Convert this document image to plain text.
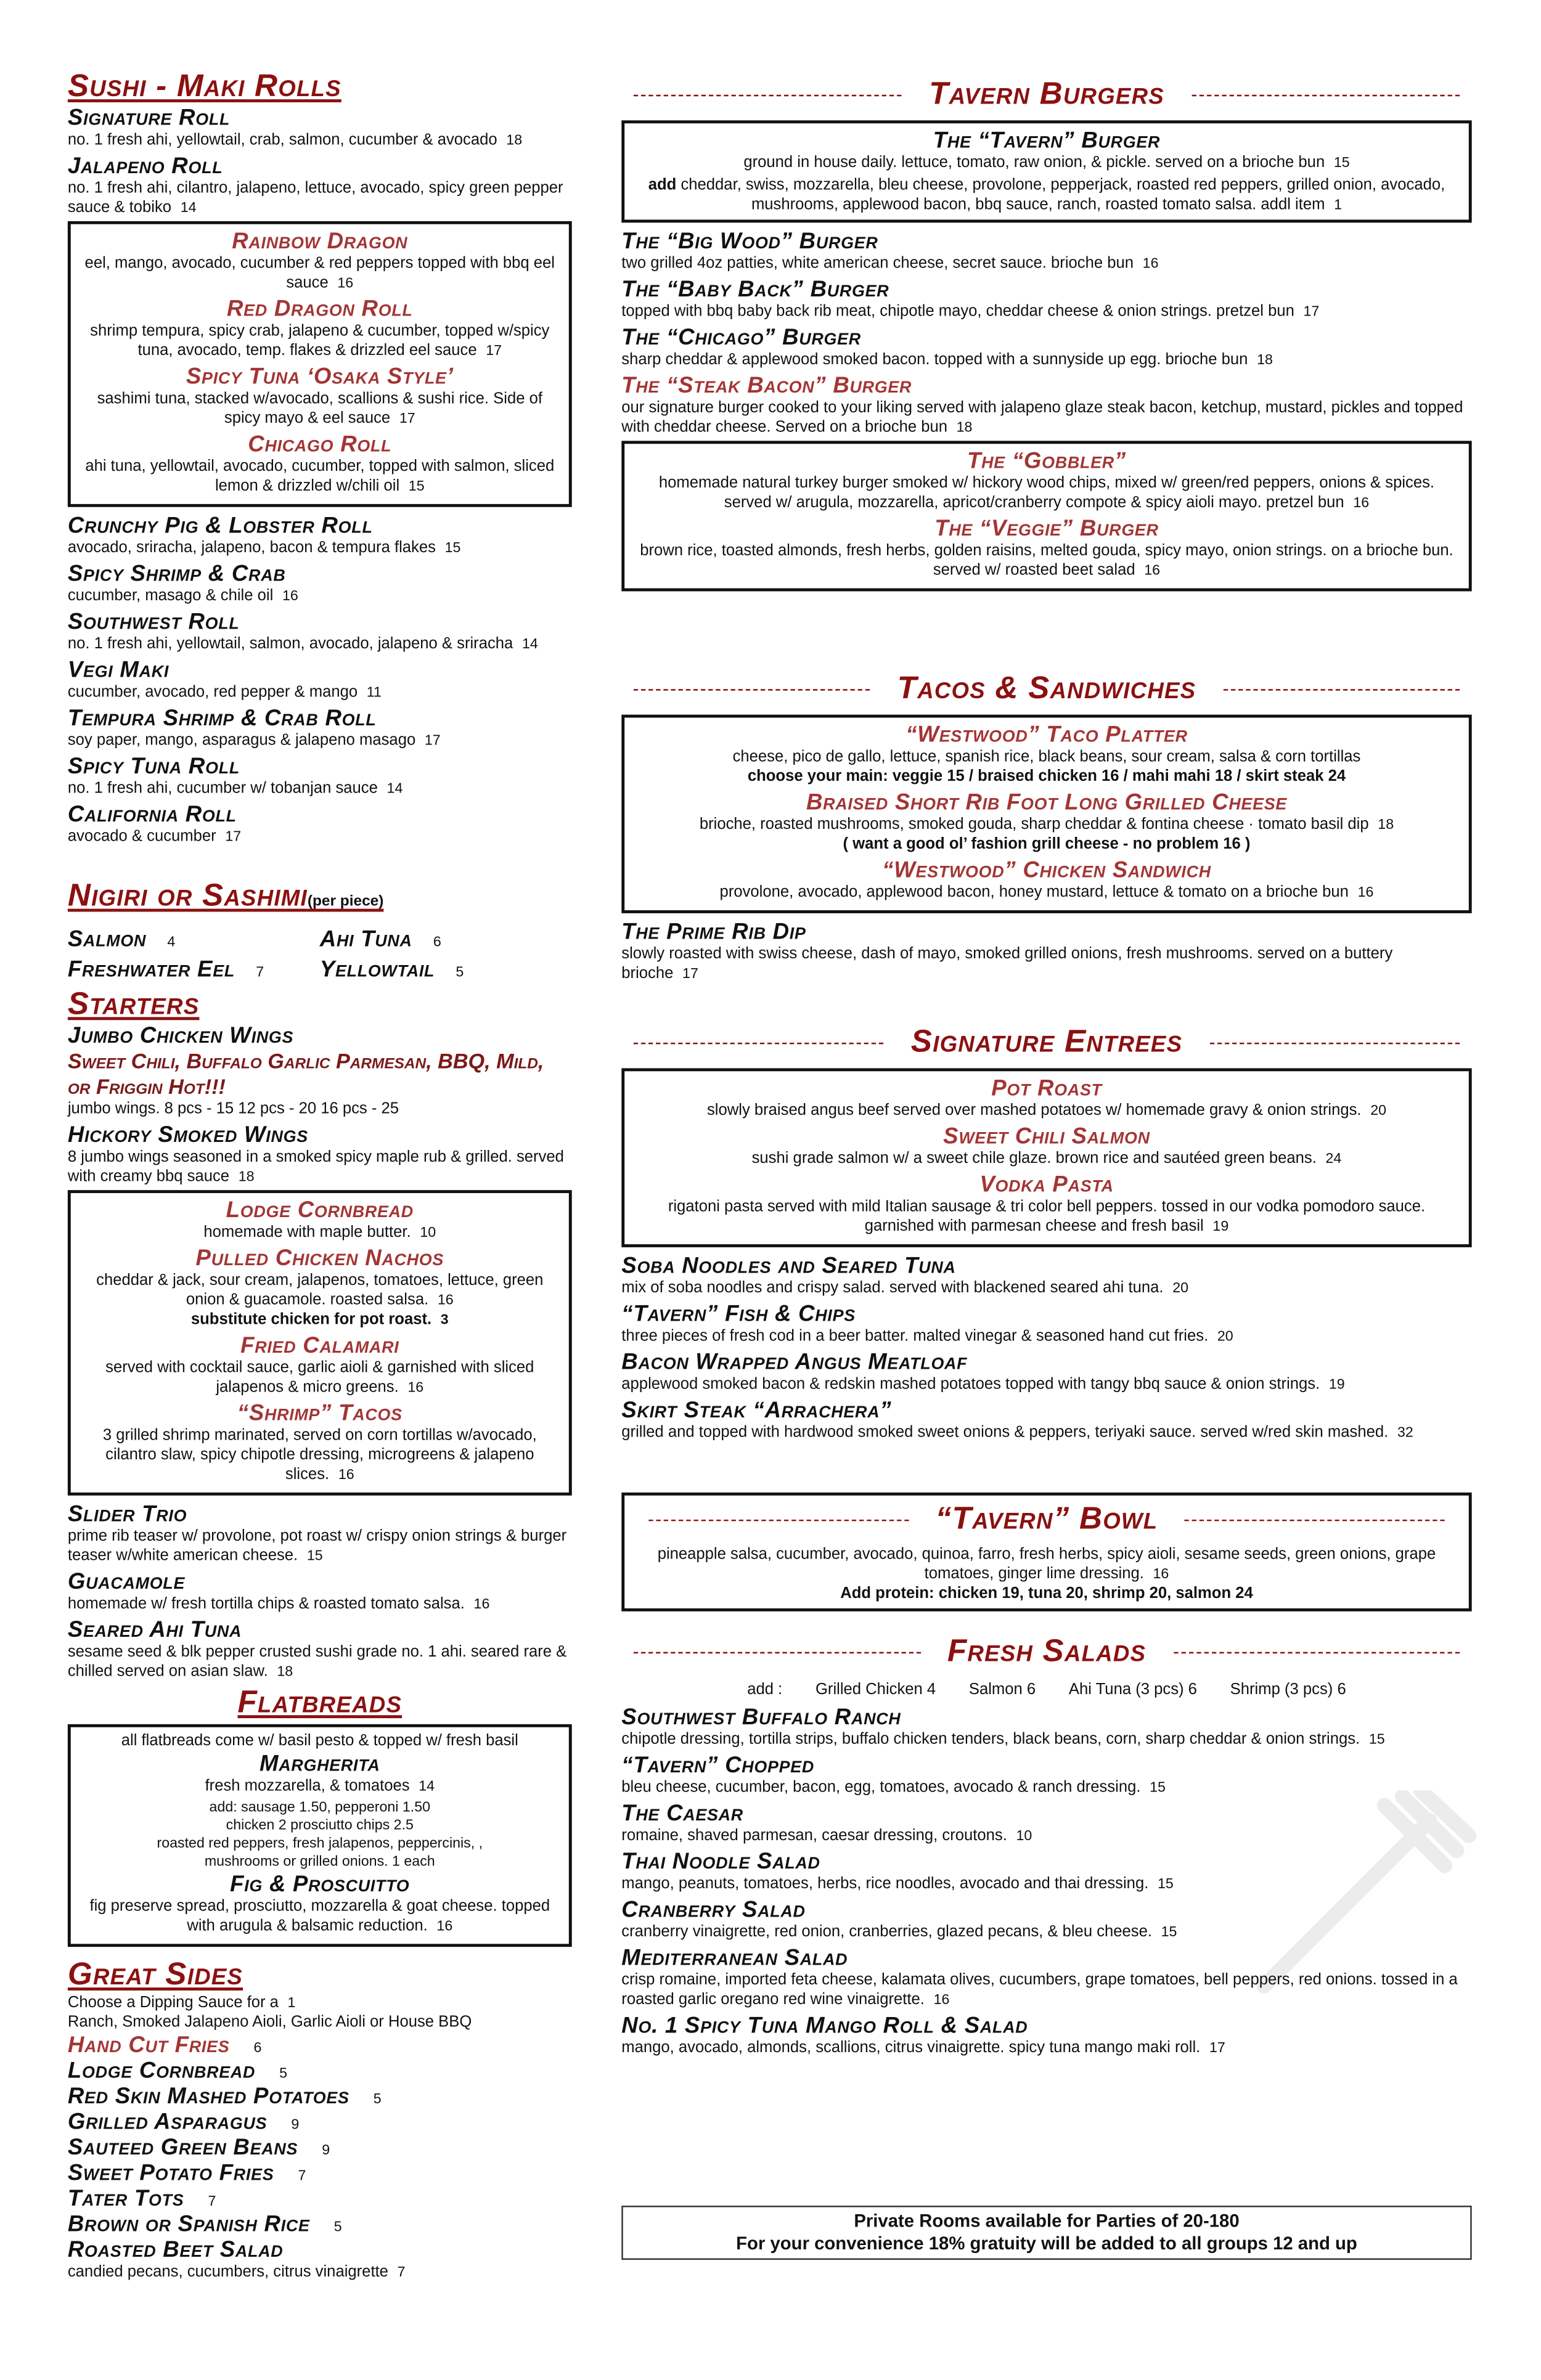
Sushi - Maki Rolls
Signature Roll
no. 1 fresh ahi, yellowtail, crab, salmon, cucumber & avocado 18
Jalapeno Roll
no. 1 fresh ahi, cilantro, jalapeno, lettuce, avocado, spicy green pepper sauce & tobiko 14
Rainbow Dragon
eel, mango, avocado, cucumber & red peppers topped with bbq eel sauce 16
Red Dragon Roll
shrimp tempura, spicy crab, jalapeno & cucumber, topped w/spicy tuna, avocado, temp. flakes & drizzled eel sauce 17
Spicy Tuna ‘Osaka Style’
sashimi tuna, stacked w/avocado, scallions & sushi rice. Side of spicy mayo & eel sauce 17
Chicago Roll
ahi tuna, yellowtail, avocado, cucumber, topped with salmon, sliced lemon & drizzled w/chili oil 15
Crunchy Pig & Lobster Roll
avocado, sriracha, jalapeno, bacon & tempura flakes 15
Spicy Shrimp & Crab
cucumber, masago & chile oil 16
Southwest Roll
no. 1 fresh ahi, yellowtail, salmon, avocado, jalapeno & sriracha 14
Vegi Maki
cucumber, avocado, red pepper & mango 11
Tempura Shrimp & Crab Roll
soy paper, mango, asparagus & jalapeno masago 17
Spicy Tuna Roll
no. 1 fresh ahi, cucumber w/ tobanjan sauce 14
California Roll
avocado & cucumber 17
Nigiri or Sashimi(per piece)
Salmon	4	Ahi Tuna	6
Freshwater Eel	7	Yellowtail	5
Starters
Jumbo Chicken Wings
Sweet Chili, Buffalo Garlic Parmesan, BBQ, Mild, or Friggin Hot!!!
jumbo wings. 8 pcs - 15 12 pcs - 20 16 pcs - 25
Hickory Smoked Wings
8 jumbo wings seasoned in a smoked spicy maple rub & grilled. served with creamy bbq sauce 18
Lodge Cornbread
homemade with maple butter. 10
Pulled Chicken Nachos
cheddar & jack, sour cream, jalapenos, tomatoes, lettuce, green onion & guacamole. roasted salsa. 16
substitute chicken for pot roast. 3
Fried Calamari
served with cocktail sauce, garlic aioli & garnished with sliced jalapenos & micro greens. 16
“Shrimp” Tacos
3 grilled shrimp marinated, served on corn tortillas w/avocado, cilantro slaw, spicy chipotle dressing, microgreens & jalapeno slices. 16
Slider Trio
prime rib teaser w/ provolone, pot roast w/ crispy onion strings & burger teaser w/white american cheese. 15
Guacamole
homemade w/ fresh tortilla chips & roasted tomato salsa. 16
Seared Ahi Tuna
sesame seed & blk pepper crusted sushi grade no. 1 ahi. seared rare & chilled served on asian slaw. 18
Flatbreads
all flatbreads come w/ basil pesto & topped w/ fresh basil
Margherita
fresh mozzarella, & tomatoes 14
add: sausage 1.50, pepperoni 1.50
chicken 2 prosciutto chips 2.5
roasted red peppers, fresh jalapenos, peppercinis, ,
mushrooms or grilled onions. 1 each
Fig & Proscuitto
fig preserve spread, prosciutto, mozzarella & goat cheese. topped with arugula & balsamic reduction. 16
Great Sides
Choose a Dipping Sauce for a 1
Ranch, Smoked Jalapeno Aioli, Garlic Aioli or House BBQ
Hand Cut Fries	6
Lodge Cornbread	5
Red Skin Mashed Potatoes	5
Grilled Asparagus	9
Sauteed Green Beans	9
Sweet Potato Fries	7
Tater Tots	7
Brown or Spanish Rice	5
Roasted Beet Salad
candied pecans, cucumbers, citrus vinaigrette 7
Tavern Burgers
The “Tavern” Burger
ground in house daily. lettuce, tomato, raw onion, & pickle. served on a brioche bun 15
add cheddar, swiss, mozzarella, bleu cheese, provolone, pepperjack, roasted red peppers, grilled onion, avocado, mushrooms, applewood bacon, bbq sauce, ranch, roasted tomato salsa. addl item 1
The “Big Wood” Burger
two grilled 4oz patties, white american cheese, secret sauce. brioche bun 16
The “Baby Back” Burger
topped with bbq baby back rib meat, chipotle mayo, cheddar cheese & onion strings. pretzel bun 17
The “Chicago” Burger
sharp cheddar & applewood smoked bacon. topped with a sunnyside up egg. brioche bun 18
The “Steak Bacon” Burger
our signature burger cooked to your liking served with jalapeno glaze steak bacon, ketchup, mustard, pickles and topped with cheddar cheese. Served on a brioche bun 18
The “Gobbler”
homemade natural turkey burger smoked w/ hickory wood chips, mixed w/ green/red peppers, onions & spices. served w/ arugula, mozzarella, apricot/cranberry compote & spicy aioli mayo. pretzel bun 16
The “Veggie” Burger
brown rice, toasted almonds, fresh herbs, golden raisins, melted gouda, spicy mayo, onion strings. on a brioche bun. served w/ roasted beet salad 16
Tacos & Sandwiches
“Westwood” Taco Platter
cheese, pico de gallo, lettuce, spanish rice, black beans, sour cream, salsa & corn tortillas
choose your main: veggie 15 / braised chicken 16 / mahi mahi 18 / skirt steak 24
Braised Short Rib Foot Long Grilled Cheese
brioche, roasted mushrooms, smoked gouda, sharp cheddar & fontina cheese · tomato basil dip 18
( want a good ol’ fashion grill cheese - no problem 16 )
“Westwood” Chicken Sandwich
provolone, avocado, applewood bacon, honey mustard, lettuce & tomato on a brioche bun 16
The Prime Rib Dip
slowly roasted with swiss cheese, dash of mayo, smoked grilled onions, fresh mushrooms. served on a buttery brioche 17
Signature Entrees
Pot Roast
slowly braised angus beef served over mashed potatoes w/ homemade gravy & onion strings. 20
Sweet Chili Salmon
sushi grade salmon w/ a sweet chile glaze. brown rice and sautéed green beans. 24
Vodka Pasta
rigatoni pasta served with mild Italian sausage & tri color bell peppers. tossed in our vodka pomodoro sauce. garnished with parmesan cheese and fresh basil 19
Soba Noodles and Seared Tuna
mix of soba noodles and crispy salad. served with blackened seared ahi tuna. 20
“Tavern” Fish & Chips
three pieces of fresh cod in a beer batter. malted vinegar & seasoned hand cut fries. 20
Bacon Wrapped Angus Meatloaf
applewood smoked bacon & redskin mashed potatoes topped with tangy bbq sauce & onion strings. 19
Skirt Steak “Arrachera”
grilled and topped with hardwood smoked sweet onions & peppers, teriyaki sauce. served w/red skin mashed. 32
“Tavern” Bowl
pineapple salsa, cucumber, avocado, quinoa, farro, fresh herbs, spicy aioli, sesame seeds, green onions, grape tomatoes, ginger lime dressing. 16
Add protein: chicken 19, tuna 20, shrimp 20, salmon 24
Fresh Salads
add :	Grilled Chicken 4	Salmon 6	Ahi Tuna (3 pcs) 6	Shrimp (3 pcs) 6
Southwest Buffalo Ranch
chipotle dressing, tortilla strips, buffalo chicken tenders, black beans, corn, sharp cheddar & onion strings. 15
“Tavern” Chopped
bleu cheese, cucumber, bacon, egg, tomatoes, avocado & ranch dressing. 15
The Caesar
romaine, shaved parmesan, caesar dressing, croutons. 10
Thai Noodle Salad
mango, peanuts, tomatoes, herbs, rice noodles, avocado and thai dressing. 15
Cranberry Salad
cranberry vinaigrette, red onion, cranberries, glazed pecans, & bleu cheese. 15
Mediterranean Salad
crisp romaine, imported feta cheese, kalamata olives, cucumbers, grape tomatoes, bell peppers, red onions. tossed in a roasted garlic oregano red wine vinaigrette. 16
No. 1 Spicy Tuna Mango Roll & Salad
mango, avocado, almonds, scallions, citrus vinaigrette. spicy tuna mango maki roll. 17
Private Rooms available for Parties of 20-180
For your convenience 18% gratuity will be added to all groups 12 and up
